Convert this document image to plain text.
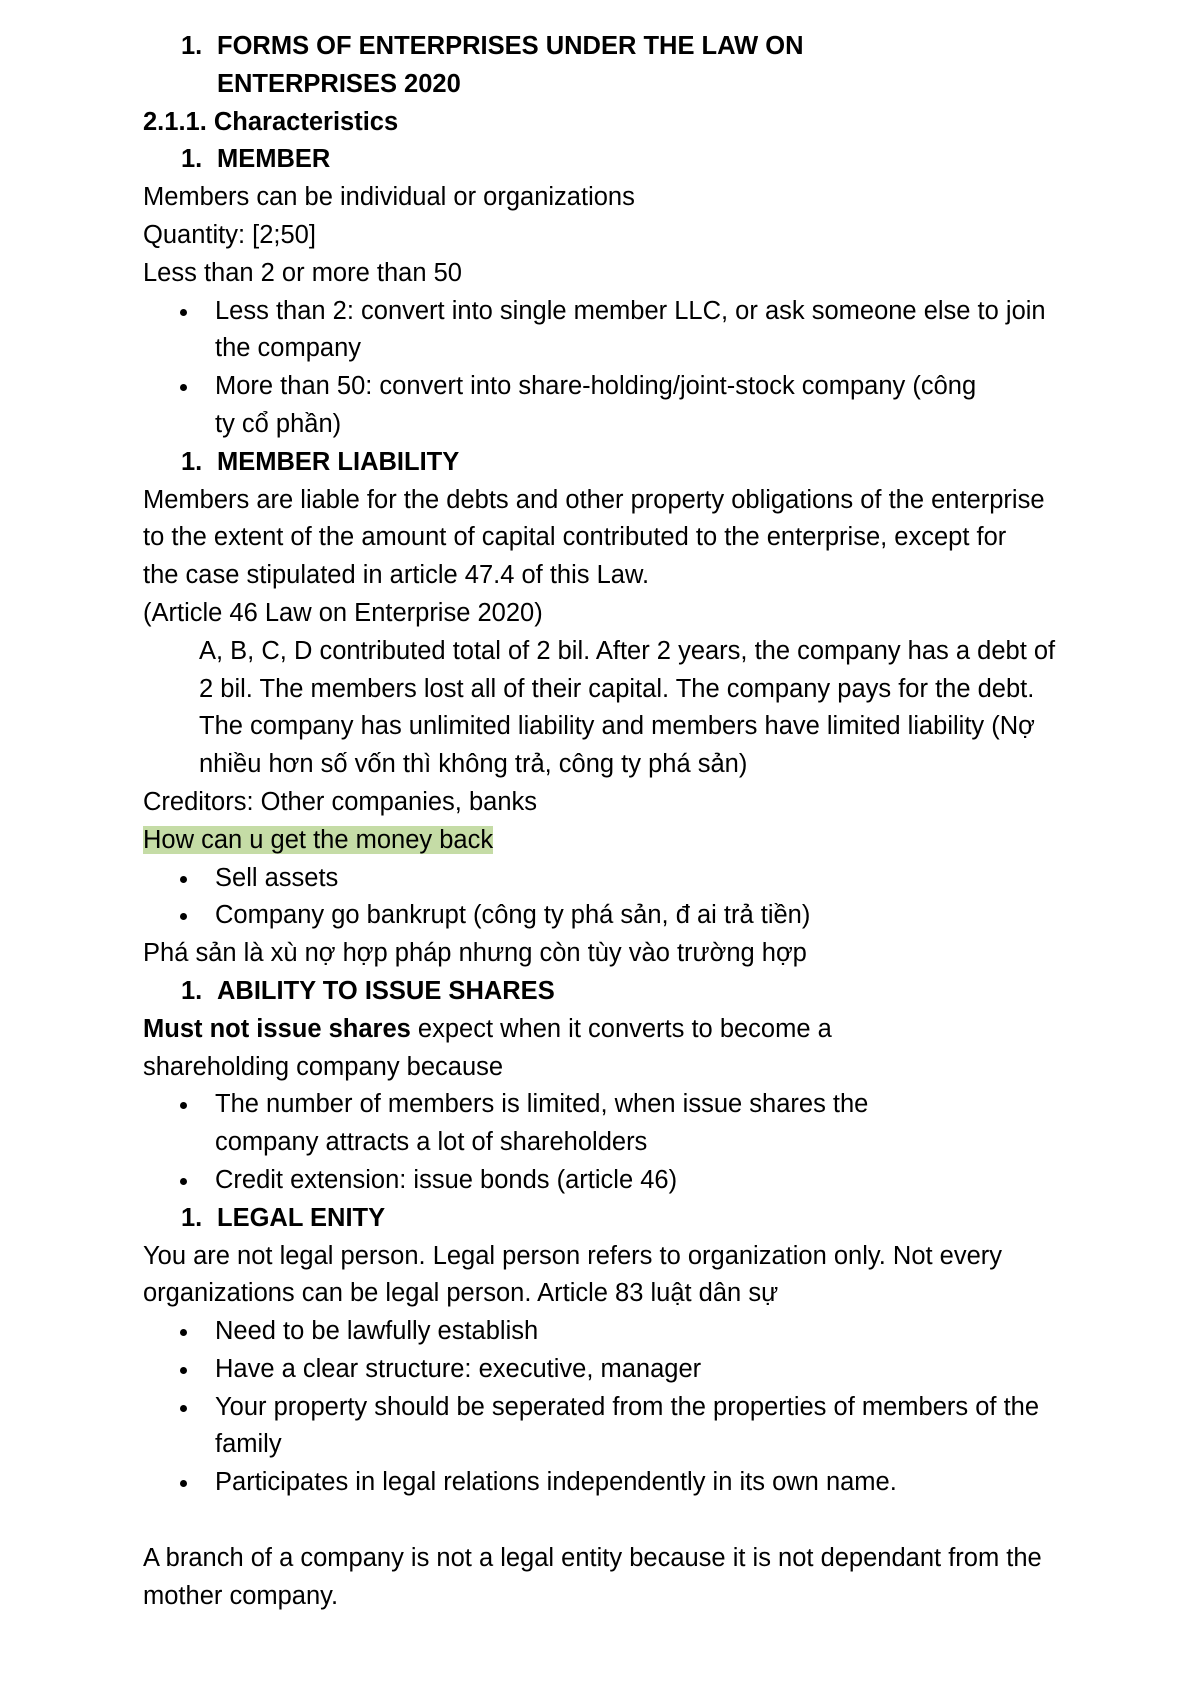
1. FORMS OF ENTERPRISES UNDER THE LAW ON ENTERPRISES 2020

2.1.1. Characteristics

1. MEMBER

Members can be individual or organizations

Quantity: [2;50]

Less than 2 or more than 50

Less than 2: convert into single member LLC, or ask someone else to join the company
More than 50: convert into share-holding/joint-stock company (công ty cổ phần)
1. MEMBER LIABILITY

Members are liable for the debts and other property obligations of the enterprise to the extent of the amount of capital contributed to the enterprise, except for the case stipulated in article 47.4 of this Law.

(Article 46 Law on Enterprise 2020)

A, B, C, D contributed total of 2 bil. After 2 years, the company has a debt of 2 bil. The members lost all of their capital. The company pays for the debt. The company has unlimited liability and members have limited liability (Nợ nhiều hơn số vốn thì không trả, công ty phá sản)

Creditors: Other companies, banks

How can u get the money back

Sell assets
Company go bankrupt (công ty phá sản, đ ai trả tiền)

Phá sản là xù nợ hợp pháp nhưng còn tùy vào trường hợp

1. ABILITY TO ISSUE SHARES

Must not issue shares expect when it converts to become a shareholding company because

The number of members is limited, when issue shares the company attracts a lot of shareholders
Credit extension: issue bonds (article 46)
1. LEGAL ENITY

You are not legal person. Legal person refers to organization only. Not every organizations can be legal person. Article 83 luật dân sự

Need to be lawfully establish
Have a clear structure: executive, manager
Your property should be seperated from the properties of members of the family
Participates in legal relations independently in its own name.

A branch of a company is not a legal entity because it is not dependant from the mother company.
